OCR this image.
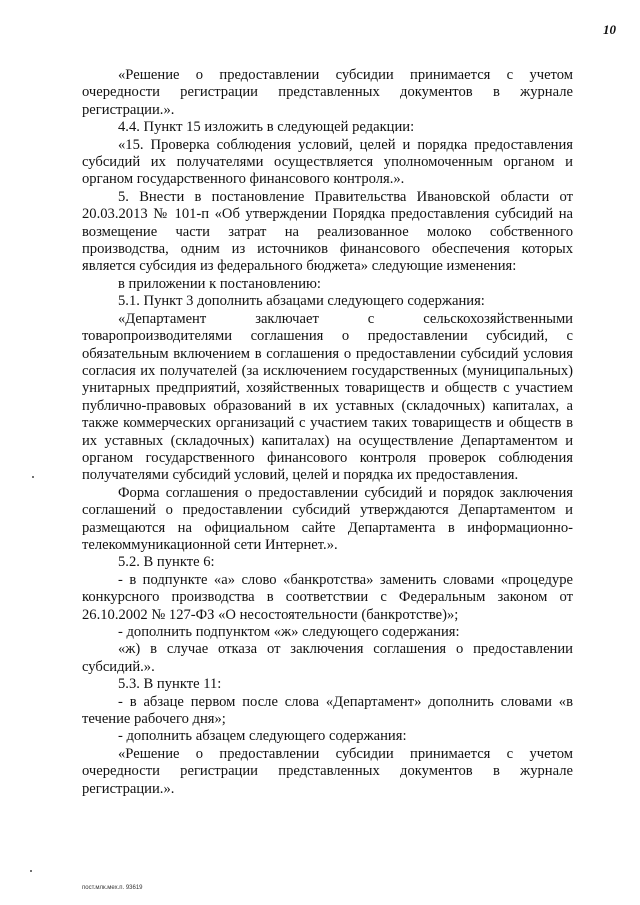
10

«Решение о предоставлении субсидии принимается с учетом очередности регистрации представленных документов в журнале регистрации.».

4.4. Пункт 15 изложить в следующей редакции:

«15. Проверка соблюдения условий, целей и порядка предоставления субсидий их получателями осуществляется уполномоченным органом и органом государственного финансового контроля.».

5. Внести в постановление Правительства Ивановской области от 20.03.2013 № 101-п «Об утверждении Порядка предоставления субсидий на возмещение части затрат на реализованное молоко собственного производства, одним из источников финансового обеспечения которых является субсидия из федерального бюджета» следующие изменения:

в приложении к постановлению:

5.1. Пункт 3 дополнить абзацами следующего содержания:

«Департамент заключает с сельскохозяйственными товаропроизводителями соглашения о предоставлении субсидий, с обязательным включением в соглашения о предоставлении субсидий условия согласия их получателей (за исключением государственных (муниципальных) унитарных предприятий, хозяйственных товариществ и обществ с участием публично-правовых образований в их уставных (складочных) капиталах, а также коммерческих организаций с участием таких товариществ и обществ в их уставных (складочных) капиталах) на осуществление Департаментом и органом государственного финансового контроля проверок соблюдения получателями субсидий условий, целей и порядка их предоставления.

Форма соглашения о предоставлении субсидий и порядок заключения соглашений о предоставлении субсидий утверждаются Департаментом и размещаются на официальном сайте Департамента в информационно-телекоммуникационной сети Интернет.».

5.2. В пункте 6:

- в подпункте «а» слово «банкротства» заменить словами «процедуре конкурсного производства в соответствии с Федеральным законом от 26.10.2002 № 127-ФЗ «О несостоятельности (банкротстве)»;

- дополнить подпунктом «ж» следующего содержания:

«ж) в случае отказа от заключения соглашения о предоставлении субсидий.».

5.3. В пункте 11:

- в абзаце первом после слова «Департамент» дополнить словами «в течение рабочего дня»;

- дополнить абзацем следующего содержания:

«Решение о предоставлении субсидии принимается с учетом очередности регистрации представленных документов в журнале регистрации.».

пост.млк.мех.п. 93619
